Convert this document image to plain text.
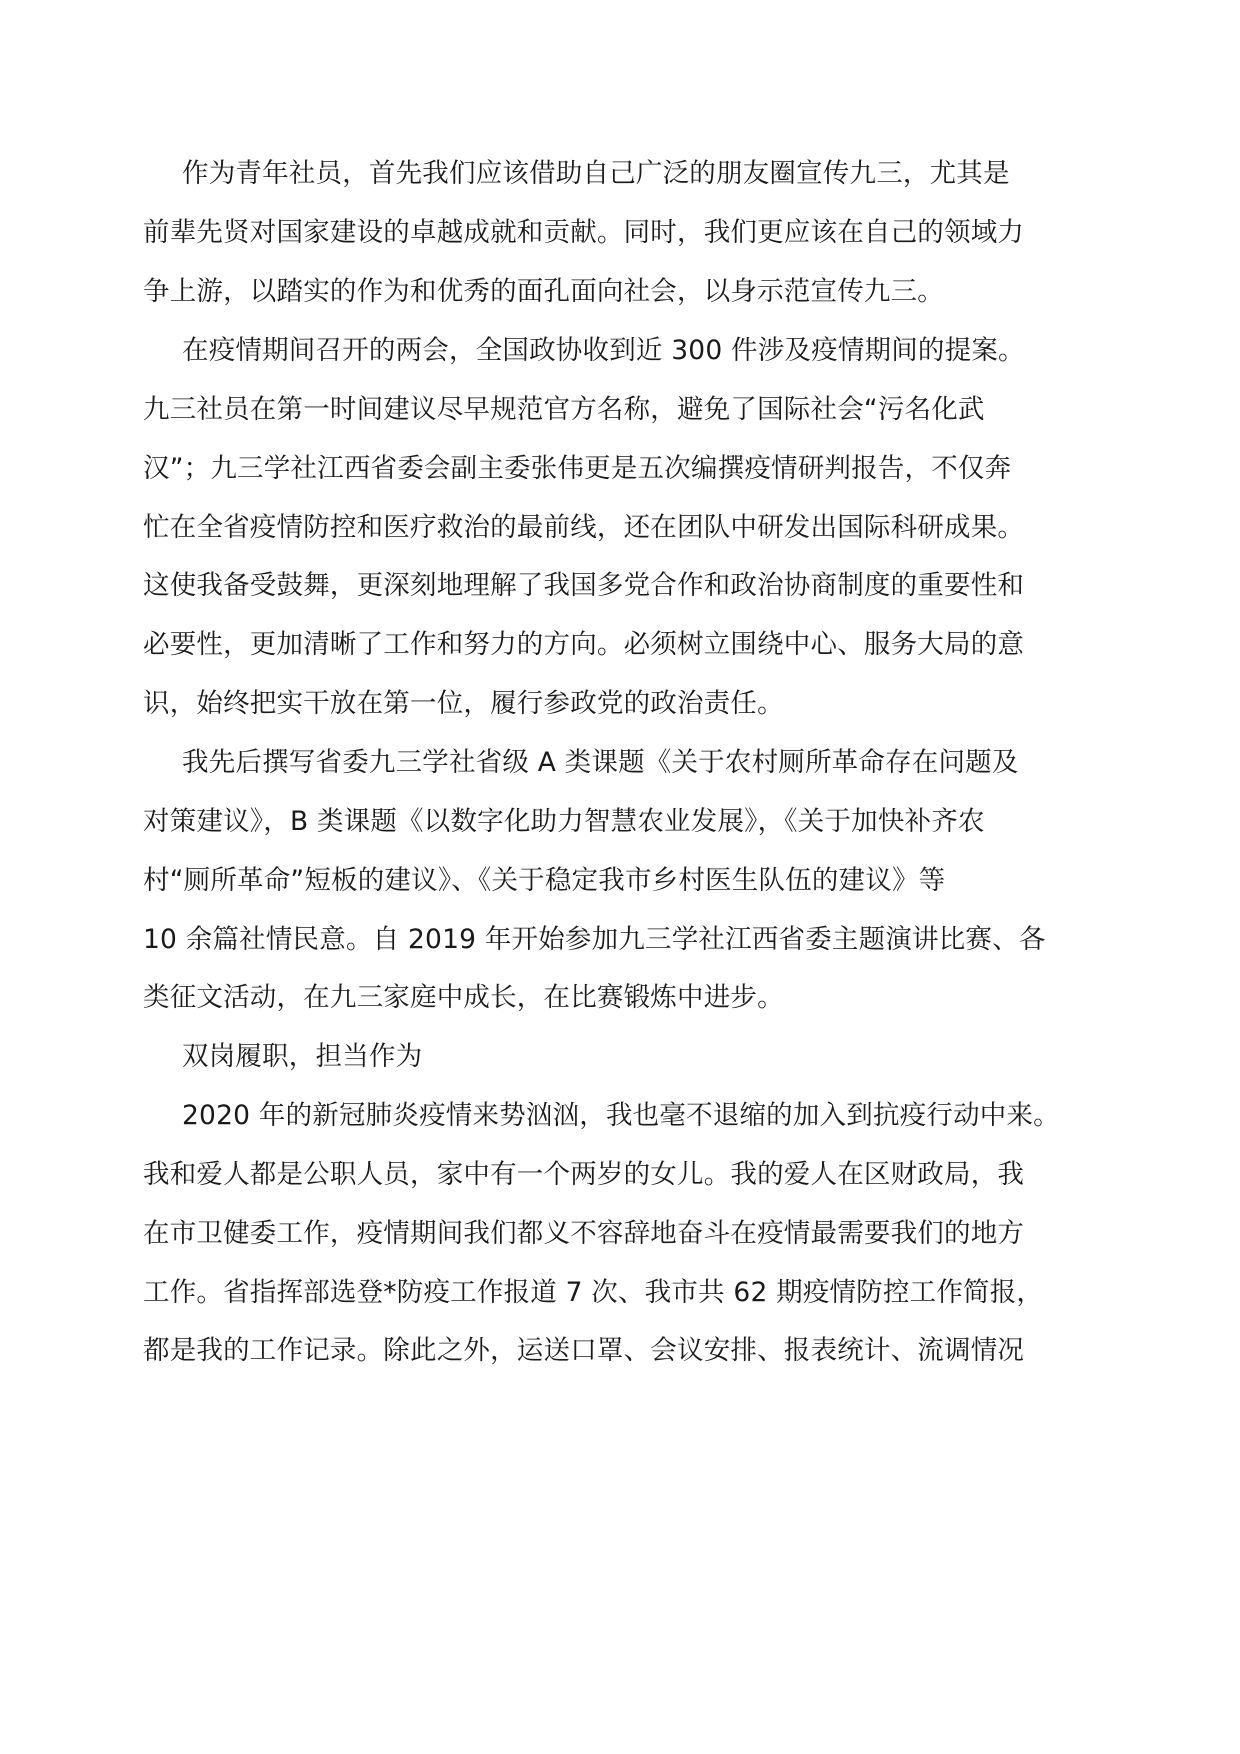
作为青年社员，首先我们应该借助自己广泛的朋友圈宣传九三，尤其是
前辈先贤对国家建设的卓越成就和贡献。同时，我们更应该在自己的领域力
争上游，以踏实的作为和优秀的面孔面向社会，以身示范宣传九三。
在疫情期间召开的两会，全国政协收到近 300 件涉及疫情期间的提案。
九三社员在第一时间建议尽早规范官方名称，避免了国际社会“污名化武
汉”；九三学社江西省委会副主委张伟更是五次编撰疫情研判报告，不仅奔
忙在全省疫情防控和医疗救治的最前线，还在团队中研发出国际科研成果。
这使我备受鼓舞，更深刻地理解了我国多党合作和政治协商制度的重要性和
必要性，更加清晰了工作和努力的方向。必须树立围绕中心、服务大局的意
识，始终把实干放在第一位，履行参政党的政治责任。
我先后撰写省委九三学社省级 A 类课题《关于农村厕所革命存在问题及
对策建议》，B 类课题《以数字化助力智慧农业发展》，《关于加快补齐农
村“厕所革命”短板的建议》、《关于稳定我市乡村医生队伍的建议》等
10 余篇社情民意。自 2019 年开始参加九三学社江西省委主题演讲比赛、各
类征文活动，在九三家庭中成长，在比赛锻炼中进步。
双岗履职，担当作为
2020 年的新冠肺炎疫情来势汹汹，我也毫不退缩的加入到抗疫行动中来。
我和爱人都是公职人员，家中有一个两岁的女儿。我的爱人在区财政局，我
在市卫健委工作，疫情期间我们都义不容辞地奋斗在疫情最需要我们的地方
工作。省指挥部选登*防疫工作报道 7 次、我市共 62 期疫情防控工作简报，
都是我的工作记录。除此之外，运送口罩、会议安排、报表统计、流调情况
